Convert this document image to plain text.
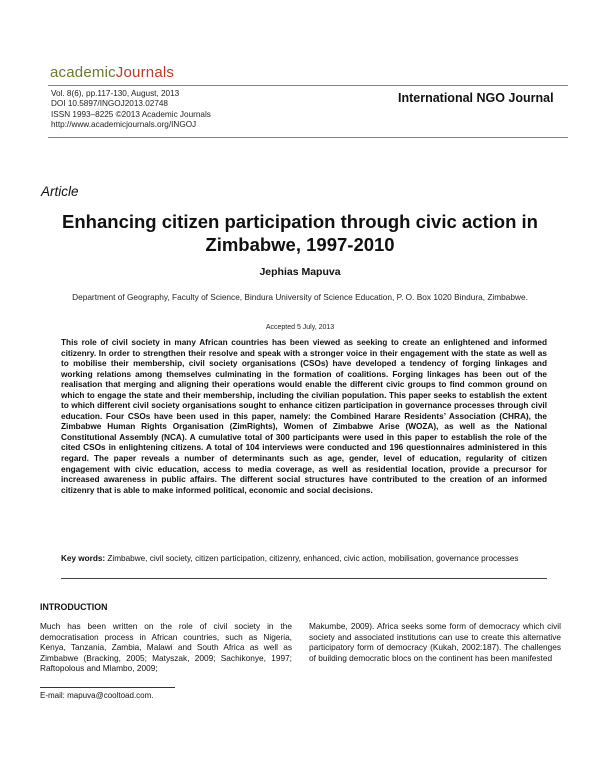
academicJournals
Vol. 8(6), pp.117-130, August, 2013
DOI 10.5897/INGOJ2013.02748
ISSN 1993–8225 ©2013 Academic Journals
http://www.academicjournals.org/INGOJ
International NGO Journal
Article
Enhancing citizen participation through civic action in Zimbabwe, 1997-2010
Jephias Mapuva
Department of Geography, Faculty of Science, Bindura University of Science Education, P. O. Box 1020 Bindura, Zimbabwe.
Accepted 5 July, 2013
This role of civil society in many African countries has been viewed as seeking to create an enlightened and informed citizenry. In order to strengthen their resolve and speak with a stronger voice in their engagement with the state as well as to mobilise their membership, civil society organisations (CSOs) have developed a tendency of forging linkages and working relations among themselves culminating in the formation of coalitions. Forging linkages has been out of the realisation that merging and aligning their operations would enable the different civic groups to find common ground on which to engage the state and their membership, including the civilian population. This paper seeks to establish the extent to which different civil society organisations sought to enhance citizen participation in governance processes through civil education. Four CSOs have been used in this paper, namely: the Combined Harare Residents’ Association (CHRA), the Zimbabwe Human Rights Organisation (ZimRights), Women of Zimbabwe Arise (WOZA), as well as the National Constitutional Assembly (NCA). A cumulative total of 300 participants were used in this paper to establish the role of the cited CSOs in enlightening citizens. A total of 104 interviews were conducted and 196 questionnaires administered in this regard. The paper reveals a number of determinants such as age, gender, level of education, regularity of citizen engagement with civic education, access to media coverage, as well as residential location, provide a precursor for increased awareness in public affairs. The different social structures have contributed to the creation of an informed citizenry that is able to make informed political, economic and social decisions.
Key words: Zimbabwe, civil society, citizen participation, citizenry, enhanced, civic action, mobilisation, governance processes
INTRODUCTION
Much has been written on the role of civil society in the democratisation process in African countries, such as Nigeria, Kenya, Tanzania, Zambia, Malawi and South Africa as well as Zimbabwe (Bracking, 2005; Matyszak, 2009; Sachikonye, 1997; Raftopolous and Mlambo, 2009;
Makumbe, 2009). Africa seeks some form of democracy which civil society and associated institutions can use to create this alternative participatory form of democracy (Kukah, 2002:187). The challenges of building democratic blocs on the continent has been manifested
E-mail: mapuva@cooltoad.com.
